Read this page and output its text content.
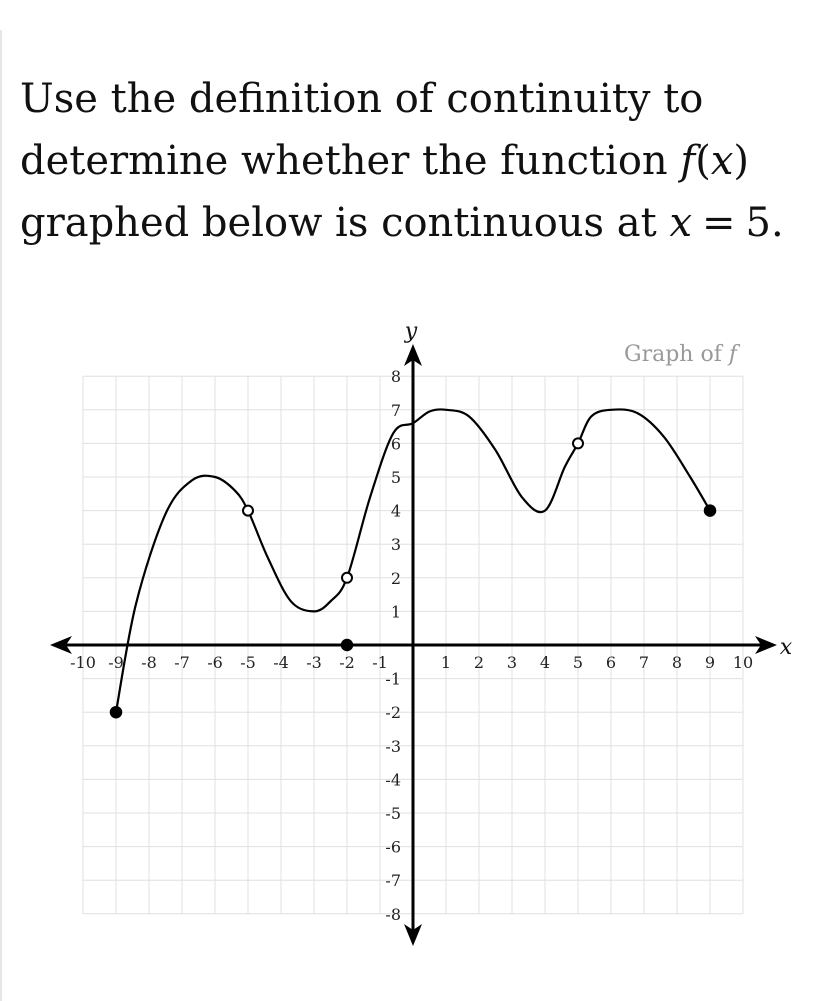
Use the definition of continuity to
determine whether the function f(x)
graphed below is continuous at x = 5.
-10 -9 -8 -7 -6 -5 -4 -3 -2 -1	1 2 3 4 5 6 7 8 9 10
8
7
6
5
4
3
2
1
-1
-2
-3
-4
-5
-6
-7
-8
Graph of f
y
x
